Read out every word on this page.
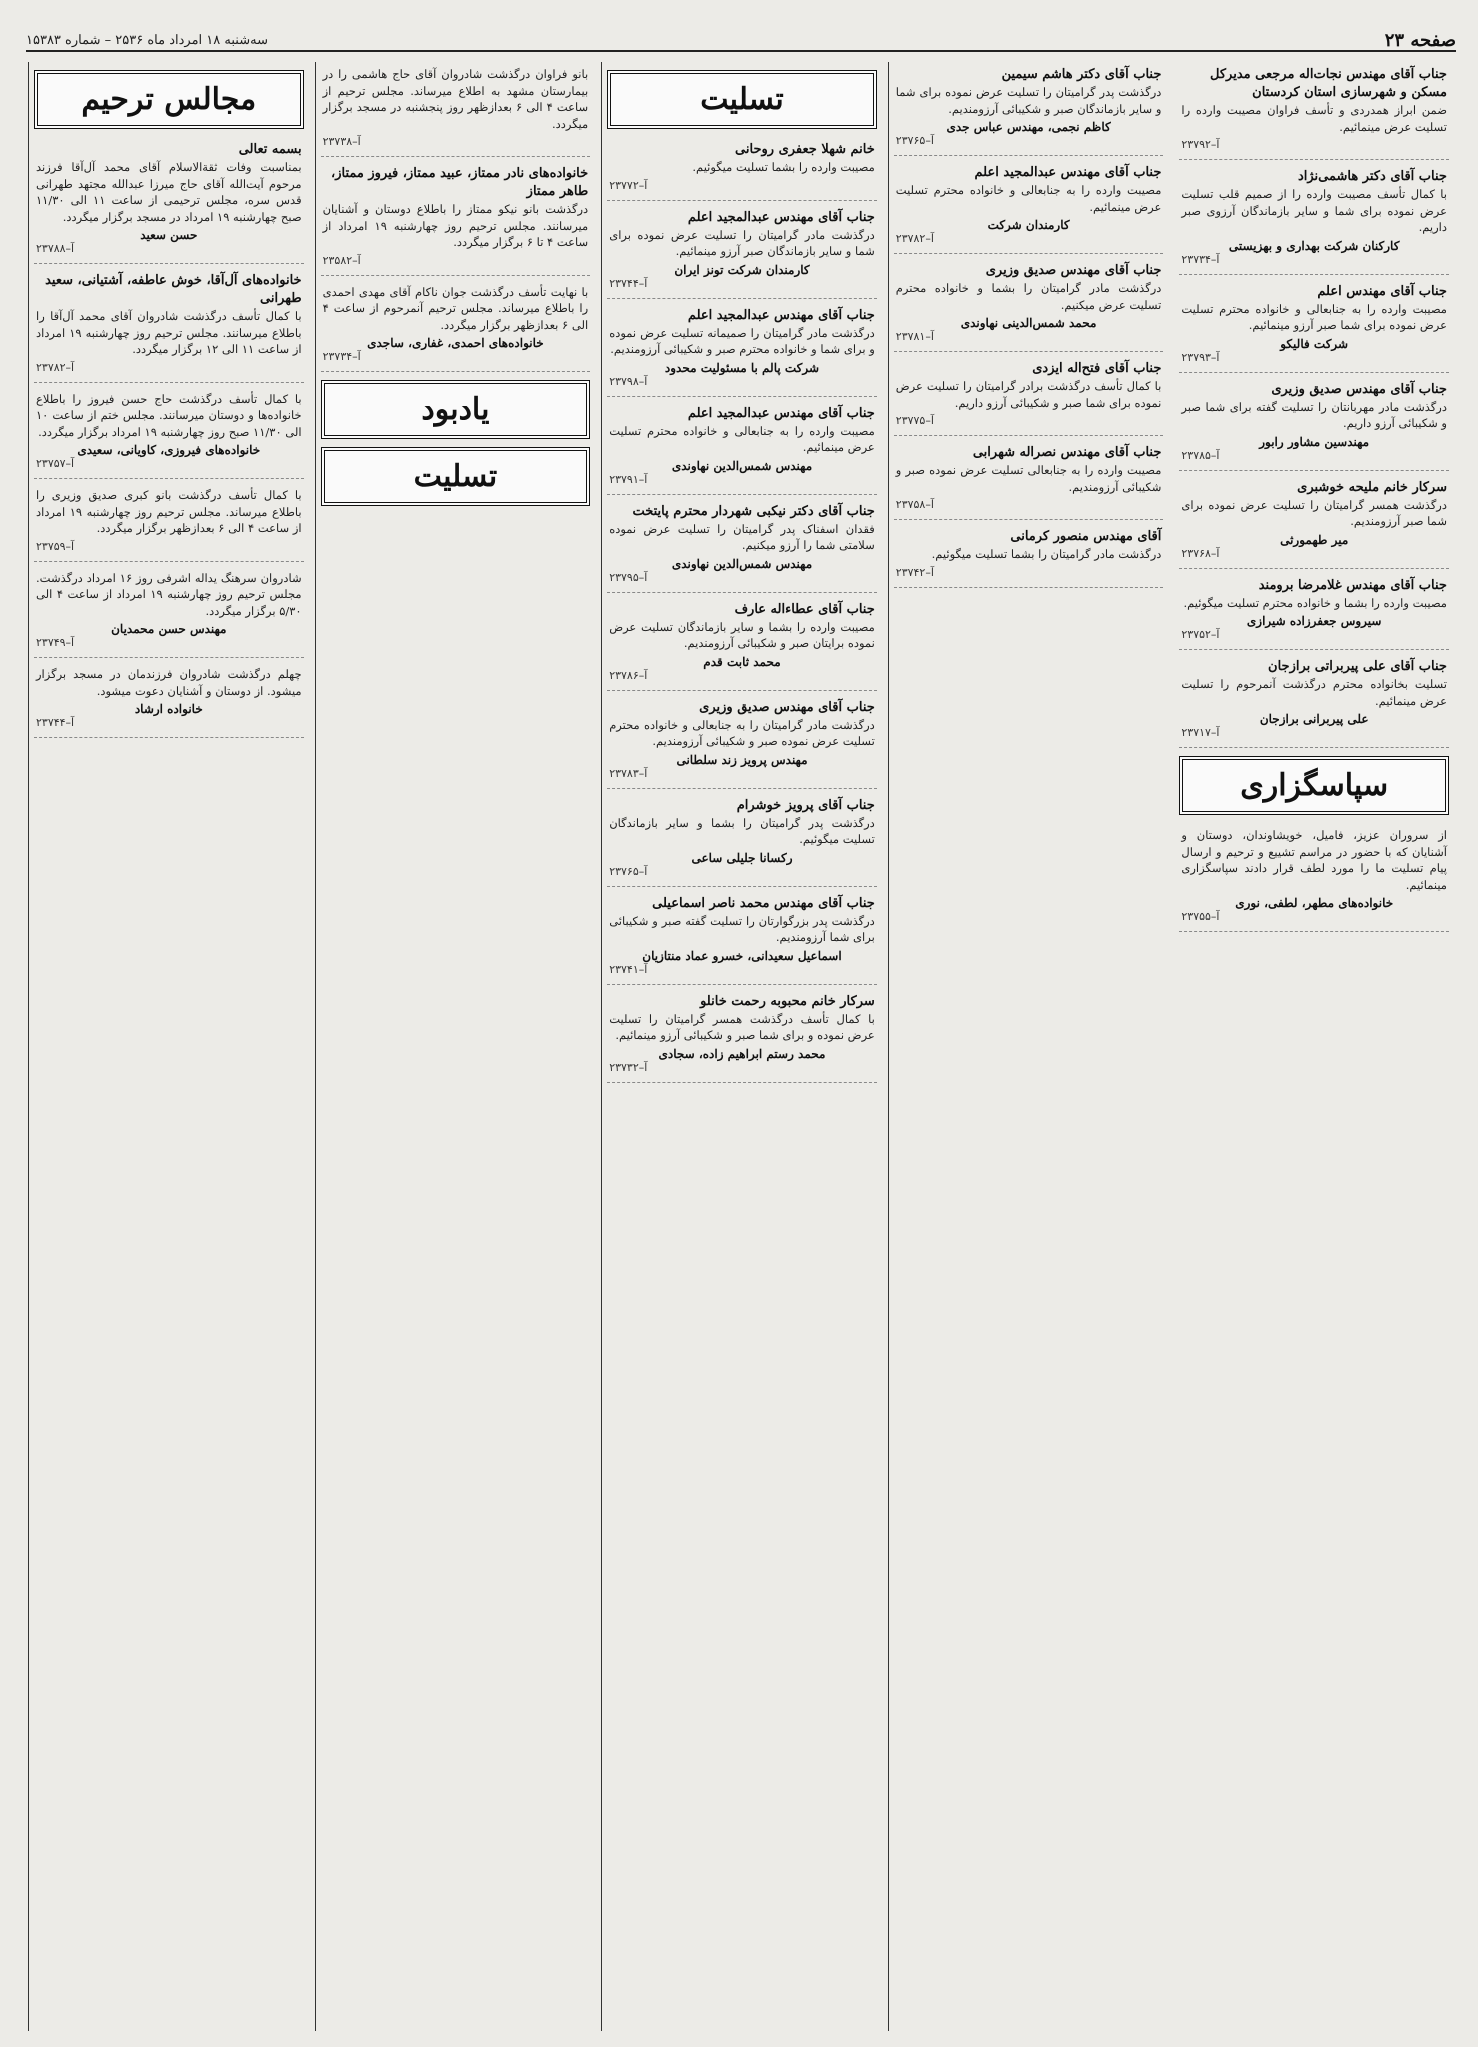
سه‌شنبه ۱۸ امرداد ماه ۲۵۳۶ – شماره ۱۵۳۸۳	صفحه ۲۳
مجالس ترحیم
بسمه تعالی
بمناسبت وفات ثقة‌الاسلام آقای محمد آل‌آقا فرزند مرحوم آیت‌الله آقای حاج میرزا عبدالله مجتهد طهرانی قدس سره، مجلس ترحیمی از ساعت ۱۱ الی ۱۱/۳۰ صبح چهارشنبه ۱۹ امرداد در مسجد برگزار میگردد.
حسن سعید
آ–۲۳۷۸۸
خانواده‌های آل‌آقا، خوش عاطفه، آشتیانی، سعید طهرانی
با کمال تأسف درگذشت شادروان آقای محمد آل‌آقا را باطلاع میرسانند. مجلس ترحیم روز چهارشنبه ۱۹ امرداد از ساعت ۱۱ الی ۱۲ برگزار میگردد.
آ–۲۳۷۸۲
با کمال تأسف درگذشت حاج حسن فیروز را باطلاع خانواده‌ها و دوستان میرسانند. مجلس ختم از ساعت ۱۰ الی ۱۱/۳۰ صبح روز چهارشنبه ۱۹ امرداد برگزار میگردد.
خانواده‌های فیروزی، کاویانی، سعیدی
آ–۲۳۷۵۷
با کمال تأسف درگذشت بانو کبری صدیق وزیری را باطلاع میرساند. مجلس ترحیم روز چهارشنبه ۱۹ امرداد از ساعت ۴ الی ۶ بعدازظهر برگزار میگردد.
آ–۲۳۷۵۹
شادروان سرهنگ یداله اشرفی روز ۱۶ امرداد درگذشت. مجلس ترحیم روز چهارشنبه ۱۹ امرداد از ساعت ۴ الی ۵/۳۰ برگزار میگردد.
مهندس حسن محمدیان
آ–۲۳۷۴۹
چهلم درگذشت شادروان فرزندمان در مسجد برگزار میشود. از دوستان و آشنایان دعوت میشود.
خانواده ارشاد
آ–۲۳۷۴۴
بانو فراوان درگذشت شادروان آقای حاج هاشمی را در بیمارستان مشهد به اطلاع میرساند. مجلس ترحیم از ساعت ۴ الی ۶ بعدازظهر روز پنجشنبه در مسجد برگزار میگردد.
آ–۲۳۷۳۸
خانواده‌های نادر ممتاز، عبید ممتاز، فیروز ممتاز، طاهر ممتاز
درگذشت بانو نیکو ممتاز را باطلاع دوستان و آشنایان میرسانند. مجلس ترحیم روز چهارشنبه ۱۹ امرداد از ساعت ۴ تا ۶ برگزار میگردد.
آ–۲۳۵۸۲
با نهایت تأسف درگذشت جوان ناکام آقای مهدی احمدی را باطلاع میرساند. مجلس ترحیم آنمرحوم از ساعت ۴ الی ۶ بعدازظهر برگزار میگردد.
خانواده‌های احمدی، غفاری، ساجدی
آ–۲۳۷۳۴
یادبود
تسلیت
تسلیت
خانم شهلا جعفری روحانی
مصیبت وارده را بشما تسلیت میگوئیم.
آ–۲۳۷۷۲
جناب آقای مهندس عبدالمجید اعلم
درگذشت مادر گرامیتان را تسلیت عرض نموده برای شما و سایر بازماندگان صبر آرزو مینمائیم.
کارمندان شرکت تونز ایران
آ–۲۳۷۴۴
جناب آقای مهندس عبدالمجید اعلم
درگذشت مادر گرامیتان را صمیمانه تسلیت عرض نموده و برای شما و خانواده محترم صبر و شکیبائی آرزومندیم.
شرکت پالم با مسئولیت محدود
آ–۲۳۷۹۸
جناب آقای مهندس عبدالمجید اعلم
مصیبت وارده را به جنابعالی و خانواده محترم تسلیت عرض مینمائیم.
مهندس شمس‌الدین نهاوندی
آ–۲۳۷۹۱
جناب آقای دکتر نیکبی شهردار محترم پایتخت
فقدان اسفناک پدر گرامیتان را تسلیت عرض نموده سلامتی شما را آرزو میکنیم.
مهندس شمس‌الدین نهاوندی
آ–۲۳۷۹۵
جناب آقای عطاءاله عارف
مصیبت وارده را بشما و سایر بازماندگان تسلیت عرض نموده برایتان صبر و شکیبائی آرزومندیم.
محمد ثابت قدم
آ–۲۳۷۸۶
جناب آقای مهندس صدیق وزیری
درگذشت مادر گرامیتان را به جنابعالی و خانواده محترم تسلیت عرض نموده صبر و شکیبائی آرزومندیم.
مهندس پرویز زند سلطانی
آ–۲۳۷۸۳
جناب آقای پرویز خوشرام
درگذشت پدر گرامیتان را بشما و سایر بازماندگان تسلیت میگوئیم.
رکسانا جلیلی ساعی
آ–۲۳۷۶۵
جناب آقای مهندس محمد ناصر اسماعیلی
درگذشت پدر بزرگوارتان را تسلیت گفته صبر و شکیبائی برای شما آرزومندیم.
اسماعیل سعیدانی، خسرو عماد منتازیان
آ–۲۳۷۴۱
سرکار خانم محبوبه رحمت خانلو
با کمال تأسف درگذشت همسر گرامیتان را تسلیت عرض نموده و برای شما صبر و شکیبائی آرزو مینمائیم.
محمد رستم ابراهیم زاده، سجادی
آ–۲۳۷۳۲
جناب آقای دکتر هاشم سیمین
درگذشت پدر گرامیتان را تسلیت عرض نموده برای شما و سایر بازماندگان صبر و شکیبائی آرزومندیم.
کاظم نجمی، مهندس عباس جدی
آ–۲۳۷۶۵
جناب آقای مهندس عبدالمجید اعلم
مصیبت وارده را به جنابعالی و خانواده محترم تسلیت عرض مینمائیم.
کارمندان شرکت
آ–۲۳۷۸۲
جناب آقای مهندس صدیق وزیری
درگذشت مادر گرامیتان را بشما و خانواده محترم تسلیت عرض میکنیم.
محمد شمس‌الدینی نهاوندی
آ–۲۳۷۸۱
جناب آقای فتح‌اله ایزدی
با کمال تأسف درگذشت برادر گرامیتان را تسلیت عرض نموده برای شما صبر و شکیبائی آرزو داریم.
آ–۲۳۷۷۵
جناب آقای مهندس نصراله شهرابی
مصیبت وارده را به جنابعالی تسلیت عرض نموده صبر و شکیبائی آرزومندیم.
آ–۲۳۷۵۸
آقای مهندس منصور کرمانی
درگذشت مادر گرامیتان را بشما تسلیت میگوئیم.
آ–۲۳۷۴۲
جناب آقای مهندس نجات‌اله مرجعی مدیرکل مسکن و شهرسازی استان کردستان
ضمن ابراز همدردی و تأسف فراوان مصیبت وارده را تسلیت عرض مینمائیم.
آ–۲۳۷۹۲
جناب آقای دکتر هاشمی‌نژاد
با کمال تأسف مصیبت وارده را از صمیم قلب تسلیت عرض نموده برای شما و سایر بازماندگان آرزوی صبر داریم.
کارکنان شرکت بهداری و بهزیستی
آ–۲۳۷۳۴
جناب آقای مهندس اعلم
مصیبت وارده را به جنابعالی و خانواده محترم تسلیت عرض نموده برای شما صبر آرزو مینمائیم.
شرکت فالیکو
آ–۲۳۷۹۳
جناب آقای مهندس صدیق وزیری
درگذشت مادر مهربانتان را تسلیت گفته برای شما صبر و شکیبائی آرزو داریم.
مهندسین مشاور رابور
آ–۲۳۷۸۵
سرکار خانم ملیحه خوشبری
درگذشت همسر گرامیتان را تسلیت عرض نموده برای شما صبر آرزومندیم.
میر طهمورثی
آ–۲۳۷۶۸
جناب آقای مهندس غلامرضا برومند
مصیبت وارده را بشما و خانواده محترم تسلیت میگوئیم.
سیروس جعفرزاده شیرازی
آ–۲۳۷۵۲
جناب آقای علی پیربراتی برازجان
تسلیت بخانواده محترم درگذشت آنمرحوم را تسلیت عرض مینمائیم.
علی پیربرانی برازجان
آ–۲۳۷۱۷
سپاسگزاری
از سروران عزیز، فامیل، خویشاوندان، دوستان و آشنایان که با حضور در مراسم تشییع و ترحیم و ارسال پیام تسلیت ما را مورد لطف قرار دادند سپاسگزاری مینمائیم.
خانواده‌های مطهر، لطفی، نوری
آ–۲۳۷۵۵
